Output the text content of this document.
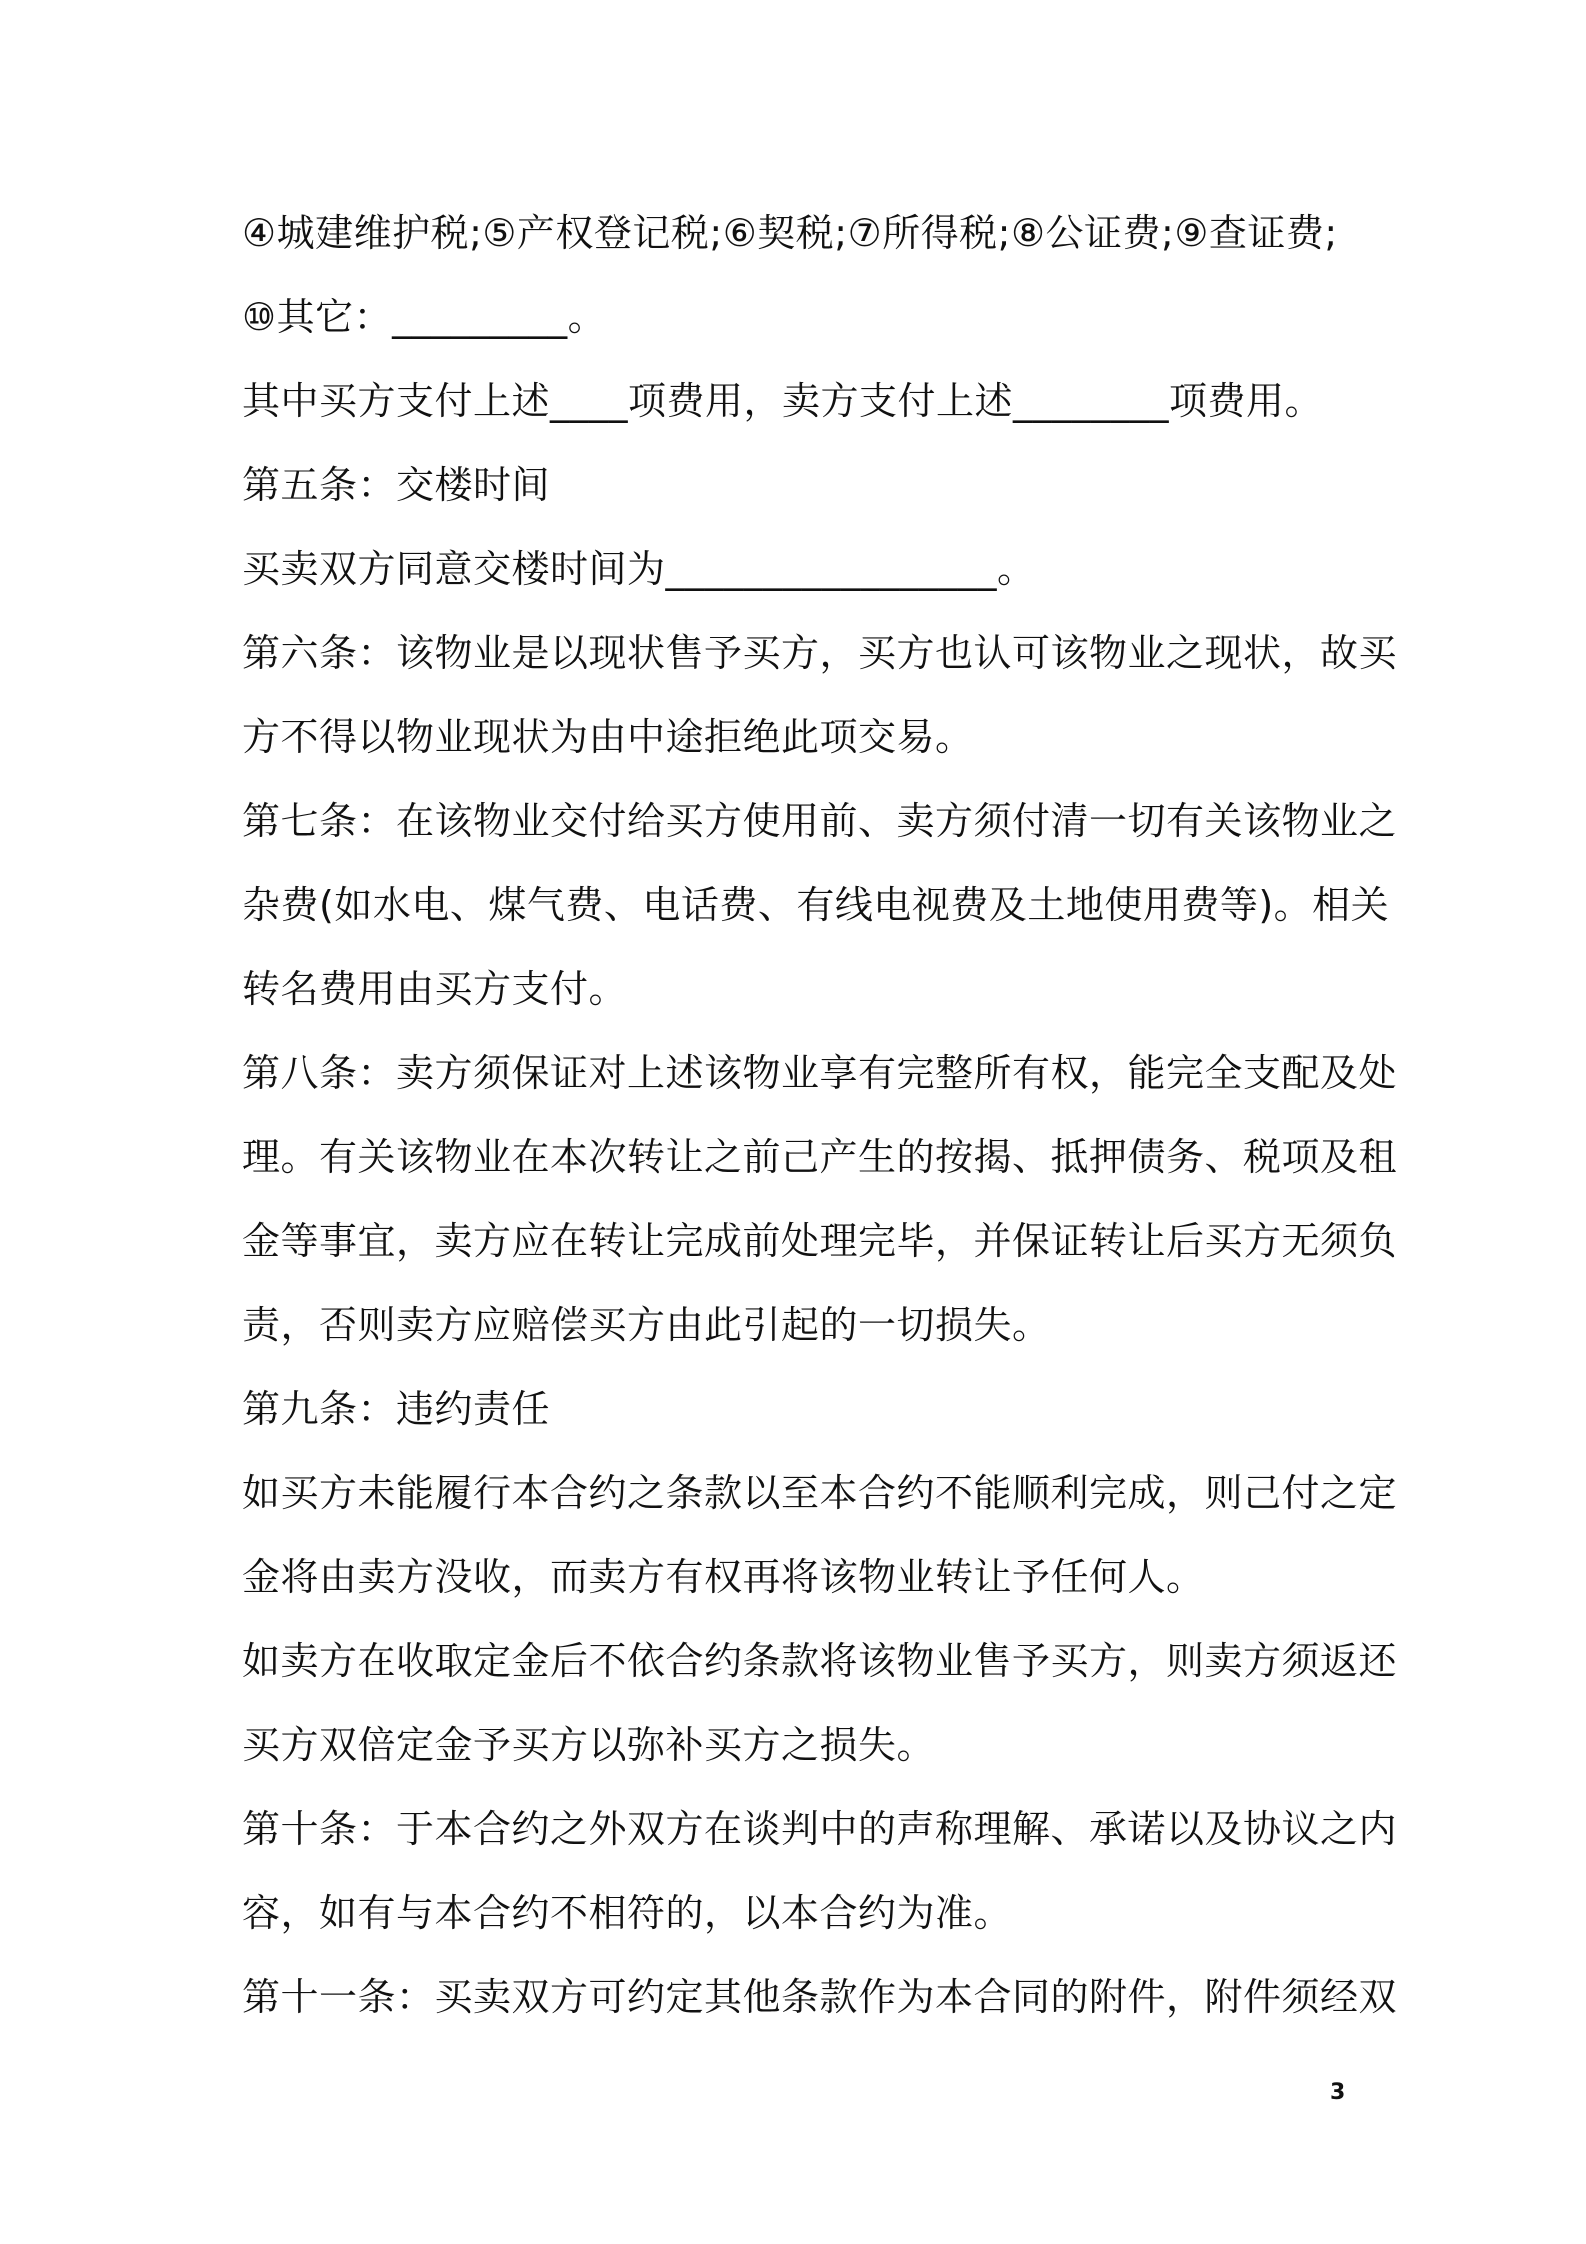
④城建维护税;⑤产权登记税;⑥契税;⑦所得税;⑧公证费;⑨查证费;
⑩其它：_________。
其中买方支付上述____项费用，卖方支付上述________项费用。
第五条：交楼时间
买卖双方同意交楼时间为_________________。
第六条：该物业是以现状售予买方，买方也认可该物业之现状，故买
方不得以物业现状为由中途拒绝此项交易。
第七条：在该物业交付给买方使用前、卖方须付清一切有关该物业之
杂费(如水电、煤气费、电话费、有线电视费及土地使用费等)。相关
转名费用由买方支付。
第八条：卖方须保证对上述该物业享有完整所有权，能完全支配及处
理。有关该物业在本次转让之前己产生的按揭、抵押债务、税项及租
金等事宜，卖方应在转让完成前处理完毕，并保证转让后买方无须负
责，否则卖方应赔偿买方由此引起的一切损失。
第九条：违约责任
如买方未能履行本合约之条款以至本合约不能顺利完成，则己付之定
金将由卖方没收，而卖方有权再将该物业转让予任何人。
如卖方在收取定金后不依合约条款将该物业售予买方，则卖方须返还
买方双倍定金予买方以弥补买方之损失。
第十条：于本合约之外双方在谈判中的声称理解、承诺以及协议之内
容，如有与本合约不相符的，以本合约为准。
第十一条：买卖双方可约定其他条款作为本合同的附件，附件须经双
3
